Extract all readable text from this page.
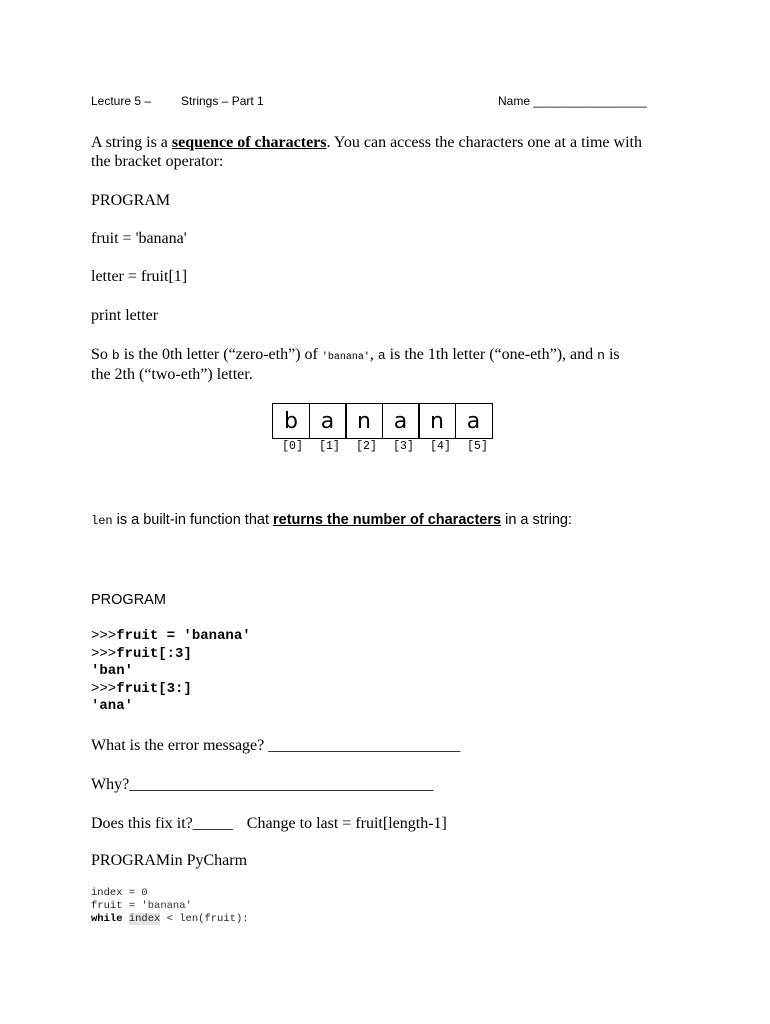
Lecture 5 – Strings – Part 1	Name _________________
A string is a sequence of characters. You can access the characters one at a time with
the bracket operator:
PROGRAM
fruit = 'banana'
letter = fruit[1]
print letter
So b is the 0th letter (“zero-eth”) of 'banana', a is the 1th letter (“one-eth”), and n is
the 2th (“two-eth”) letter.
b	a	n	a	n	a
[0]	[1]	[2]	[3]	[4]	[5]
len is a built-in function that returns the number of characters in a string:
PROGRAM
>>>fruit = 'banana'
>>>fruit[:3]
'ban'
>>>fruit[3:]
'ana'
What is the error message? ________________________
Why?______________________________________
Does this fix it?_____ Change to last = fruit[length-1]
PROGRAMin PyCharm
index = 0
fruit = 'banana'
while index < len(fruit):
